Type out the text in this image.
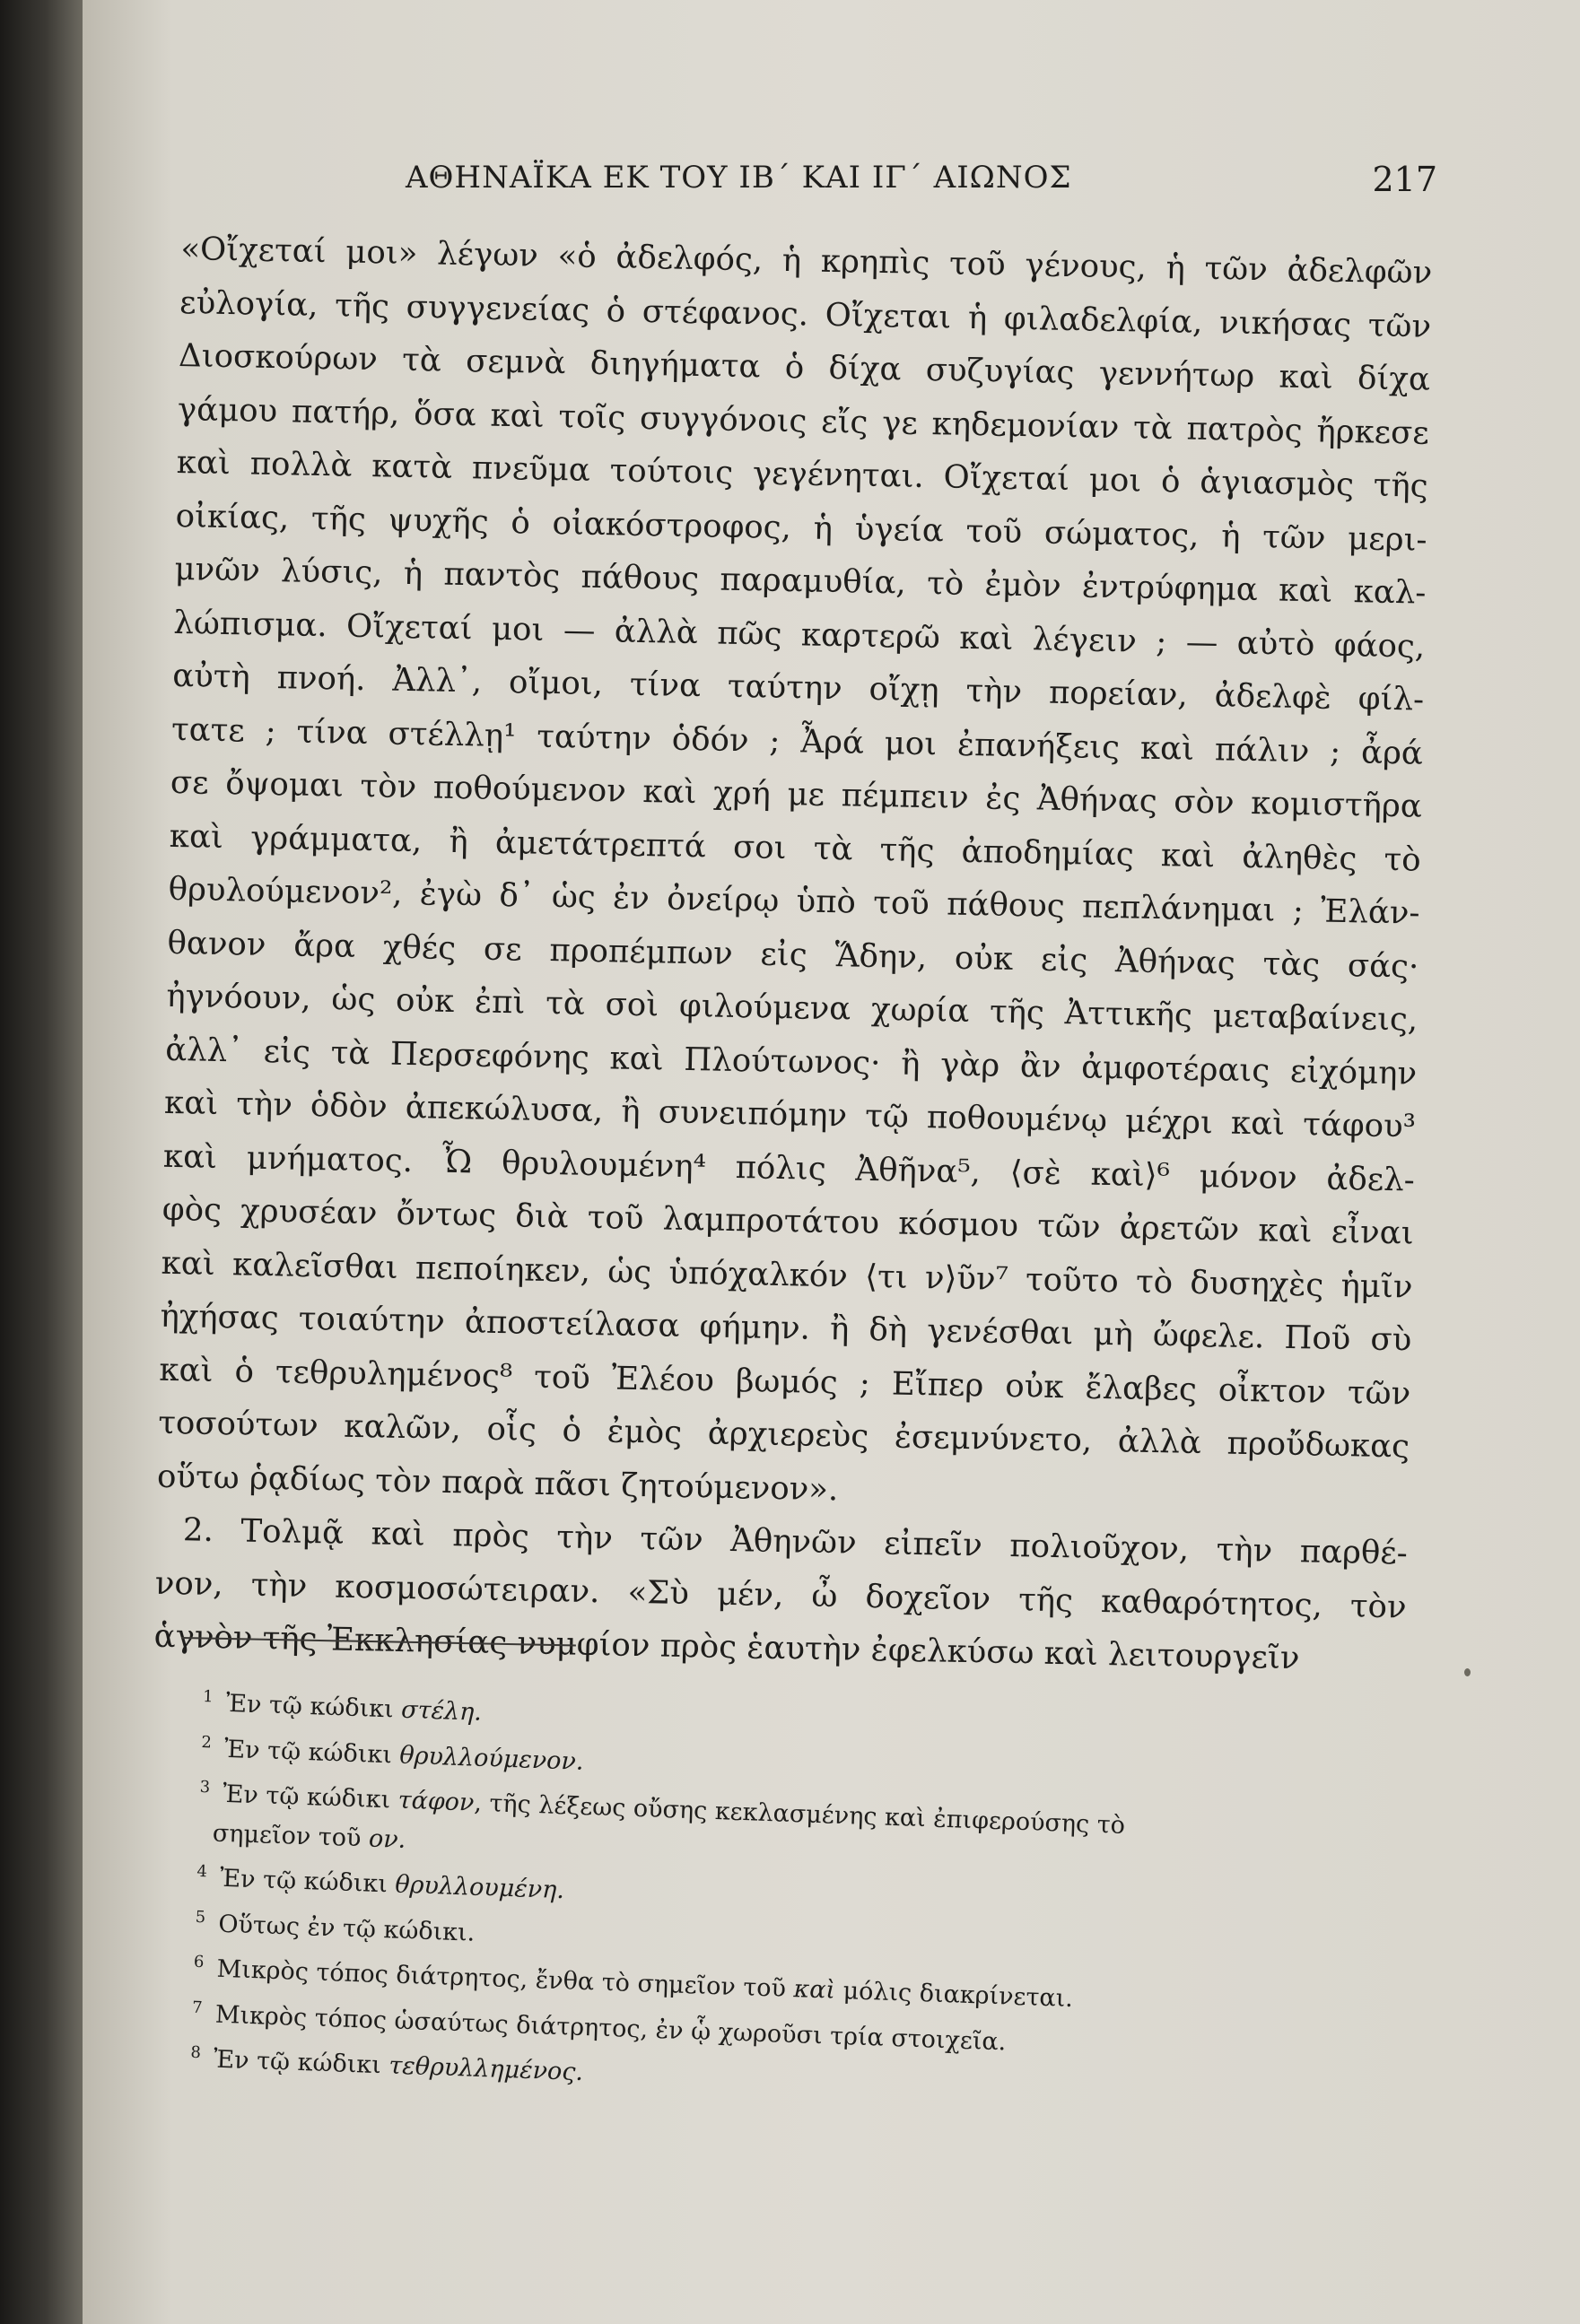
ΑΘΗΝΑΪΚΑ ΕΚ ΤΟΥ ΙΒ΄ ΚΑΙ ΙΓ΄ ΑΙΩΝΟΣ	217
«Οἴχεταί μοι» λέγων «ὁ ἀδελφός, ἡ κρηπὶς τοῦ γένους, ἡ τῶν ἀδελφῶν
εὐλογία, τῆς συγγενείας ὁ στέφανος. Οἴχεται ἡ φιλαδελφία, νικήσας τῶν
Διοσκούρων τὰ σεμνὰ διηγήματα ὁ δίχα συζυγίας γεννήτωρ καὶ δίχα
γάμου πατήρ, ὅσα καὶ τοῖς συγγόνοις εἴς γε κηδεμονίαν τὰ πατρὸς ἤρκεσε
καὶ πολλὰ κατὰ πνεῦμα τούτοις γεγένηται. Οἴχεταί μοι ὁ ἁγιασμὸς τῆς
οἰκίας, τῆς ψυχῆς ὁ οἰακόστροφος, ἡ ὑγεία τοῦ σώματος, ἡ τῶν μερι-
μνῶν λύσις, ἡ παντὸς πάθους παραμυθία, τὸ ἐμὸν ἐντρύφημα καὶ καλ-
λώπισμα. Οἴχεταί μοι — ἀλλὰ πῶς καρτερῶ καὶ λέγειν ; — αὐτὸ φάος,
αὐτὴ πνοή. Ἀλλ᾽, οἴμοι, τίνα ταύτην οἴχῃ τὴν πορείαν, ἀδελφὲ φίλ-
τατε ; τίνα στέλλῃ¹ ταύτην ὁδόν ; Ἆρά μοι ἐπανήξεις καὶ πάλιν ; ἆρά
σε ὄψομαι τὸν ποθούμενον καὶ χρή με πέμπειν ἐς Ἀθήνας σὸν κομιστῆρα
καὶ γράμματα, ἢ ἀμετάτρεπτά σοι τὰ τῆς ἀποδημίας καὶ ἀληθὲς τὸ
θρυλούμενον², ἐγὼ δ᾽ ὡς ἐν ὀνείρῳ ὑπὸ τοῦ πάθους πεπλάνημαι ; Ἐλάν-
θανον ἄρα χθές σε προπέμπων εἰς Ἅδην, οὐκ εἰς Ἀθήνας τὰς σάς·
ἠγνόουν, ὡς οὐκ ἐπὶ τὰ σοὶ φιλούμενα χωρία τῆς Ἀττικῆς μεταβαίνεις,
ἀλλ᾽ εἰς τὰ Περσεφόνης καὶ Πλούτωνος· ἢ γὰρ ἂν ἀμφοτέραις εἰχόμην
καὶ τὴν ὁδὸν ἀπεκώλυσα, ἢ συνειπόμην τῷ ποθουμένῳ μέχρι καὶ τάφου³
καὶ μνήματος. Ὦ θρυλουμένη⁴ πόλις Ἀθῆνα⁵, ⟨σὲ καὶ⟩⁶ μόνον ἀδελ-
φὸς χρυσέαν ὄντως διὰ τοῦ λαμπροτάτου κόσμου τῶν ἀρετῶν καὶ εἶναι
καὶ καλεῖσθαι πεποίηκεν, ὡς ὑπόχαλκόν ⟨τι ν⟩ῦν⁷ τοῦτο τὸ δυσηχὲς ἡμῖν
ἠχήσας τοιαύτην ἀποστείλασα φήμην. ἢ δὴ γενέσθαι μὴ ὤφελε. Ποῦ σὺ
καὶ ὁ τεθρυλημένος⁸ τοῦ Ἐλέου βωμός ; Εἴπερ οὐκ ἔλαβες οἶκτον τῶν
τοσούτων καλῶν, οἷς ὁ ἐμὸς ἀρχιερεὺς ἐσεμνύνετο, ἀλλὰ προὔδωκας
οὕτω ῥᾳδίως τὸν παρὰ πᾶσι ζητούμενον».
2. Τολμᾷ καὶ πρὸς τὴν τῶν Ἀθηνῶν εἰπεῖν πολιοῦχον, τὴν παρθέ-
νον, τὴν κοσμοσώτειραν. «Σὺ μέν, ὦ δοχεῖον τῆς καθαρότητος, τὸν
ἁγνὸν τῆς Ἐκκλησίας νυμφίον πρὸς ἑαυτὴν ἐφελκύσω καὶ λειτουργεῖν
1 Ἐν τῷ κώδικι στέλη.
2 Ἐν τῷ κώδικι θρυλλούμενον.
3 Ἐν τῷ κώδικι τάφον, τῆς λέξεως οὔσης κεκλασμένης καὶ ἐπιφερούσης τὸ
σημεῖον τοῦ ον.
4 Ἐν τῷ κώδικι θρυλλουμένη.
5 Οὕτως ἐν τῷ κώδικι.
6 Μικρὸς τόπος διάτρητος, ἔνθα τὸ σημεῖον τοῦ καὶ μόλις διακρίνεται.
7 Μικρὸς τόπος ὡσαύτως διάτρητος, ἐν ᾧ χωροῦσι τρία στοιχεῖα.
8 Ἐν τῷ κώδικι τεθρυλλημένος.
